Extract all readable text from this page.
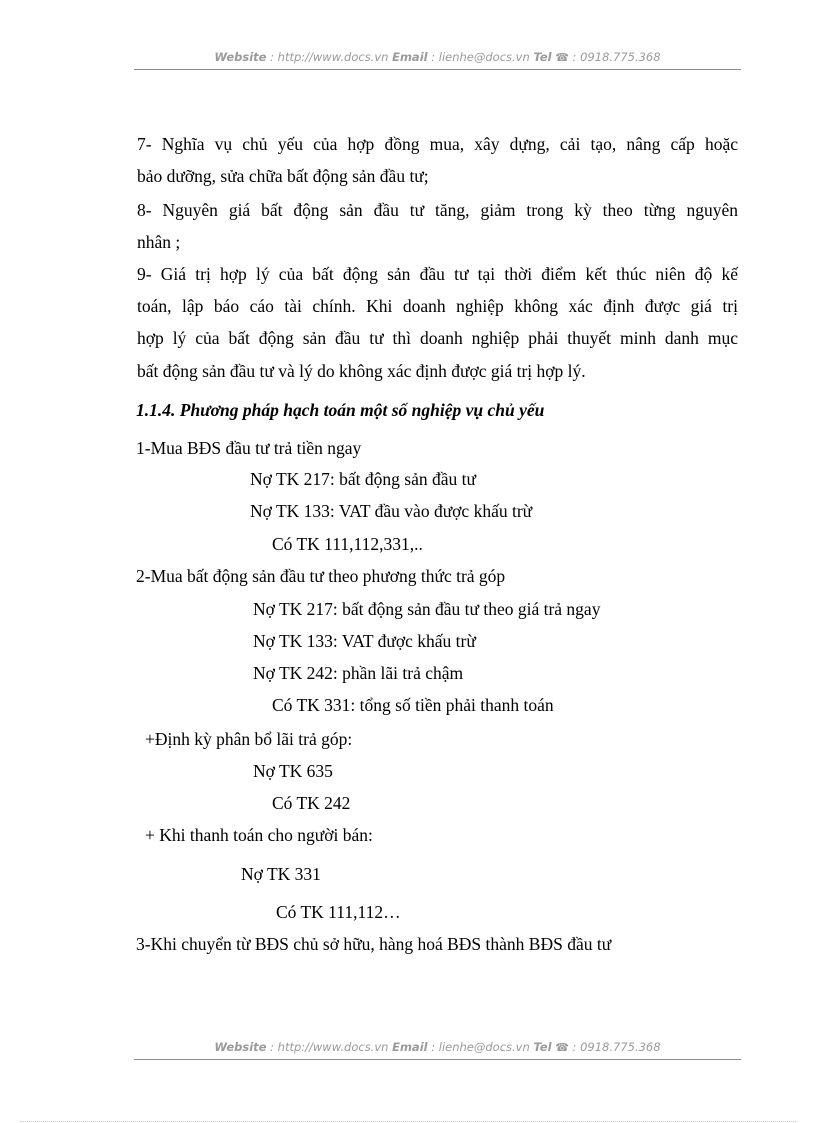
Website : http://www.docs.vn Email : lienhe@docs.vn Tel ☎ : 0918.775.368
7- Nghĩa vụ chủ yếu của hợp đồng mua, xây dựng, cải tạo, nâng cấp hoặc
bảo dưỡng, sửa chữa bất động sản đầu tư;
8- Nguyên giá bất động sản đầu tư tăng, giảm trong kỳ theo từng nguyên
nhân ;
9- Giá trị hợp lý của bất động sản đầu tư tại thời điểm kết thúc niên độ kế
toán, lập báo cáo tài chính. Khi doanh nghiệp không xác định được giá trị
hợp lý của bất động sản đầu tư thì doanh nghiệp phải thuyết minh danh mục
bất động sản đầu tư và lý do không xác định được giá trị hợp lý.
1.1.4. Phương pháp hạch toán một số nghiệp vụ chủ yếu
1-Mua BĐS đầu tư trả tiền ngay
Nợ TK 217: bất động sản đầu tư
Nợ TK 133: VAT đầu vào được khấu trừ
Có TK 111,112,331,..
2-Mua bất động sản đầu tư theo phương thức trả góp
Nợ TK 217: bất động sản đầu tư theo giá trả ngay
Nợ TK 133: VAT được khấu trừ
Nợ TK 242: phần lãi trả chậm
Có TK 331: tổng số tiền phải thanh toán
+Định kỳ phân bổ lãi trả góp:
Nợ TK 635
Có TK 242
+ Khi thanh toán cho người bán:
Nợ TK 331
Có TK 111,112…
3-Khi chuyển từ BĐS chủ sở hữu, hàng hoá BĐS thành BĐS đầu tư
Website : http://www.docs.vn Email : lienhe@docs.vn Tel ☎ : 0918.775.368
